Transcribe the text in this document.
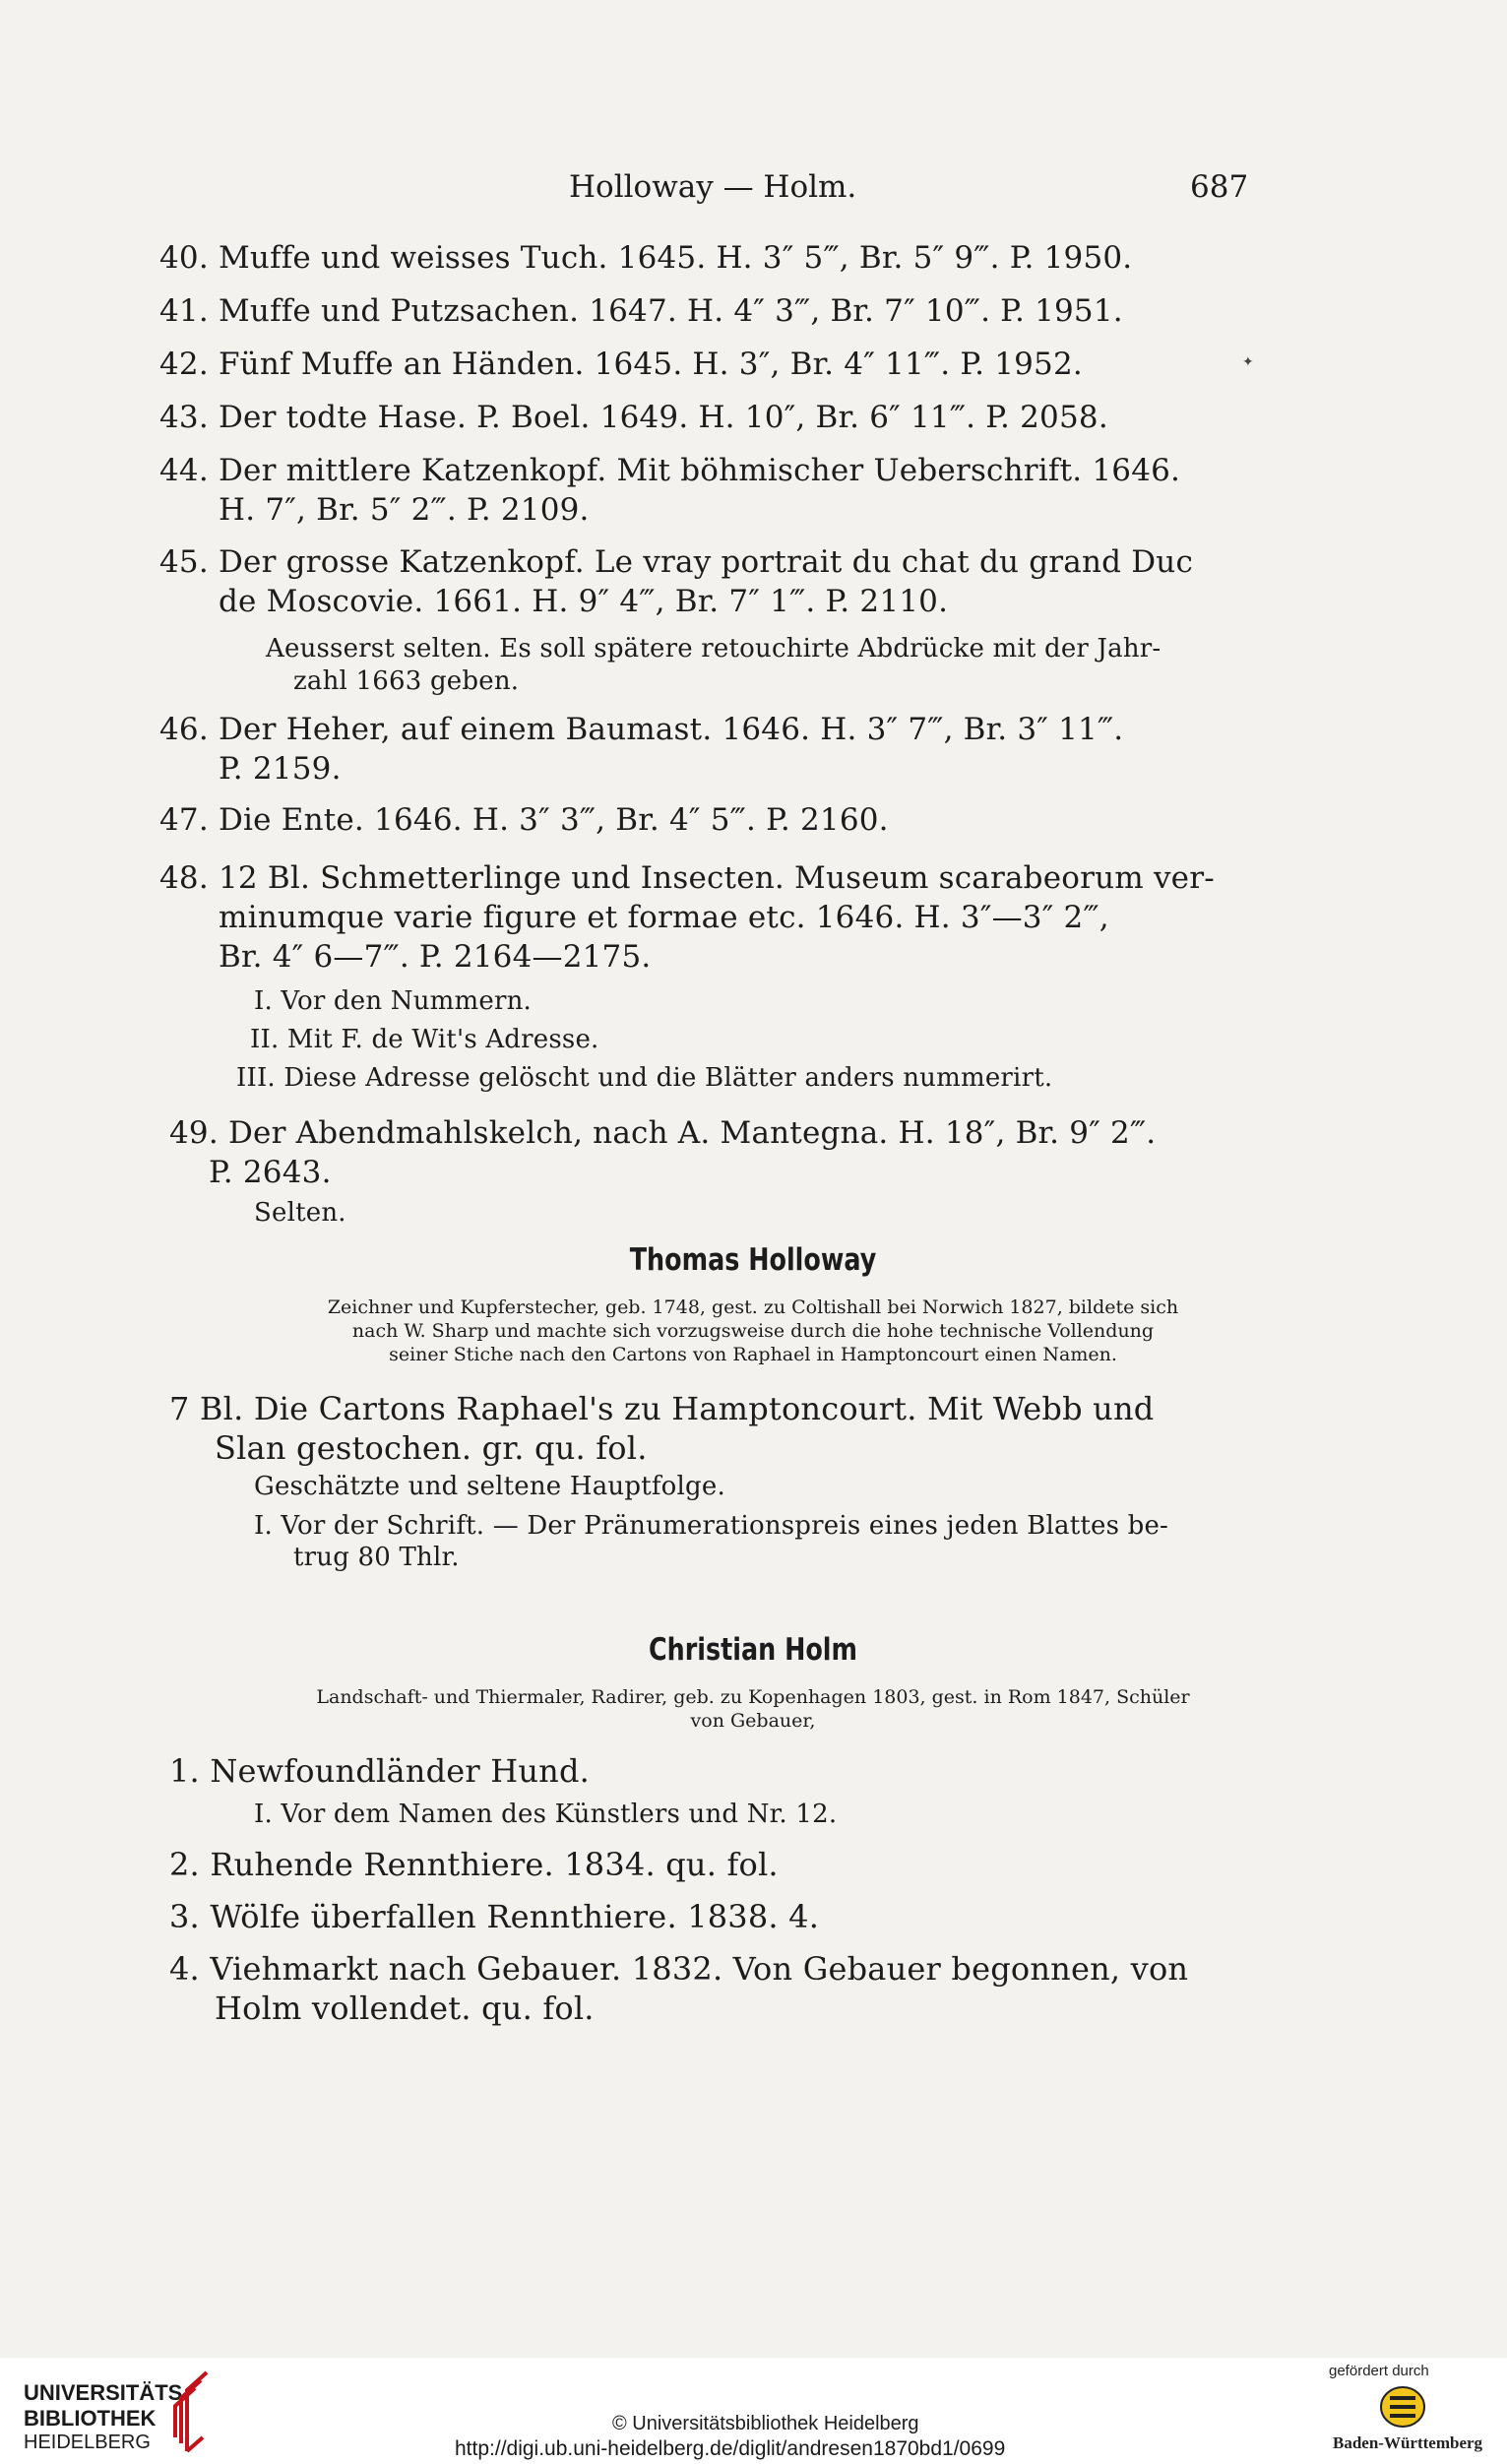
Holloway — Holm.	687
40. Muffe und weisses Tuch. 1645. H. 3″ 5‴, Br. 5″ 9‴. P. 1950.
41. Muffe und Putzsachen. 1647. H. 4″ 3‴, Br. 7″ 10‴. P. 1951.
42. Fünf Muffe an Händen. 1645. H. 3″, Br. 4″ 11‴. P. 1952.	✦
43. Der todte Hase. P. Boel. 1649. H. 10″, Br. 6″ 11‴. P. 2058.
44. Der mittlere Katzenkopf. Mit böhmischer Ueberschrift. 1646.
H. 7″, Br. 5″ 2‴. P. 2109.
45. Der grosse Katzenkopf. Le vray portrait du chat du grand Duc
de Moscovie. 1661. H. 9″ 4‴, Br. 7″ 1‴. P. 2110.
Aeusserst selten. Es soll spätere retouchirte Abdrücke mit der Jahr-
zahl 1663 geben.
46. Der Heher, auf einem Baumast. 1646. H. 3″ 7‴, Br. 3″ 11‴.
P. 2159.
47. Die Ente. 1646. H. 3″ 3‴, Br. 4″ 5‴. P. 2160.
48. 12 Bl. Schmetterlinge und Insecten. Museum scarabeorum ver-
minumque varie figure et formae etc. 1646. H. 3″—3″ 2‴,
Br. 4″ 6—7‴. P. 2164—2175.
I. Vor den Nummern.
II. Mit F. de Wit's Adresse.
III. Diese Adresse gelöscht und die Blätter anders nummerirt.
49. Der Abendmahlskelch, nach A. Mantegna. H. 18″, Br. 9″ 2‴.
P. 2643.
Selten.
Thomas Holloway
Zeichner und Kupferstecher, geb. 1748, gest. zu Coltishall bei Norwich 1827, bildete sich
nach W. Sharp und machte sich vorzugsweise durch die hohe technische Vollendung
seiner Stiche nach den Cartons von Raphael in Hamptoncourt einen Namen.
7 Bl. Die Cartons Raphael's zu Hamptoncourt. Mit Webb und
Slan gestochen. gr. qu. fol.
Geschätzte und seltene Hauptfolge.
I. Vor der Schrift. — Der Pränumerationspreis eines jeden Blattes be-
trug 80 Thlr.
Christian Holm
Landschaft- und Thiermaler, Radirer, geb. zu Kopenhagen 1803, gest. in Rom 1847, Schüler
von Gebauer,
1. Newfoundländer Hund.
I. Vor dem Namen des Künstlers und Nr. 12.
2. Ruhende Rennthiere. 1834. qu. fol.
3. Wölfe überfallen Rennthiere. 1838. 4.
4. Viehmarkt nach Gebauer. 1832. Von Gebauer begonnen, von
Holm vollendet. qu. fol.
UNIVERSITÄTS-
BIBLIOTHEK
HEIDELBERG
© Universitätsbibliothek Heidelberg
http://digi.ub.uni-heidelberg.de/diglit/andresen1870bd1/0699
gefördert durch
Baden-Württemberg
